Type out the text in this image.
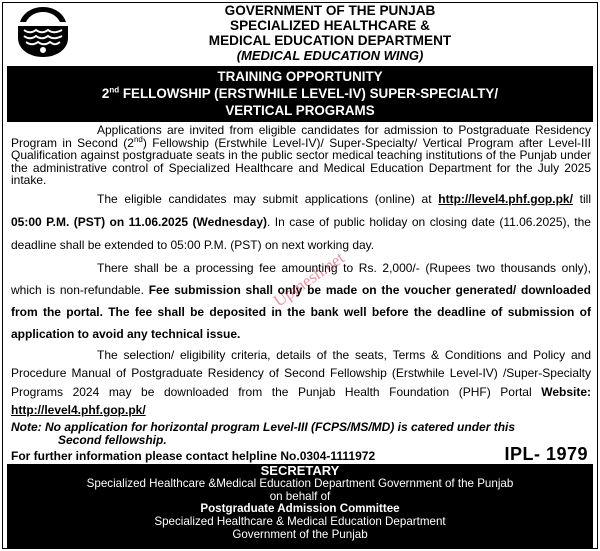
GOVERNMENT OF THE PUNJAB
SPECIALIZED HEALTHCARE &
MEDICAL EDUCATION DEPARTMENT
(MEDICAL EDUCATION WING)
TRAINING OPPORTUNITY
2nd FELLOWSHIP (ERSTWHILE LEVEL-IV) SUPER-SPECIALTY/
VERTICAL PROGRAMS

Applications are invited from eligible candidates for admission to Postgraduate Residency Program in Second (2nd) Fellowship (Erstwhile Level-IV)/ Super-Specialty/ Vertical Program after Level-III Qualification against postgraduate seats in the public sector medical teaching institutions of the Punjab under the administrative control of Specialized Healthcare and Medical Education Department for the July 2025 intake.

The eligible candidates may submit applications (online) at http://level4.phf.gop.pk/ till 05:00 P.M. (PST) on 11.06.2025 (Wednesday). In case of public holiday on closing date (11.06.2025), the deadline shall be extended to 05:00 P.M. (PST) on next working day.

There shall be a processing fee amounting to Rs. 2,000/- (Rupees two thousands only), which is non-refundable. Fee submission shall only be made on the voucher generated/ downloaded from the portal. The fee shall be deposited in the bank well before the deadline of submission of application to avoid any technical issue.

The selection/ eligibility criteria, details of the seats, Terms & Conditions and Policy and Procedure Manual of Postgraduate Residency of Second Fellowship (Erstwhile Level-IV) /Super-Specialty Programs 2024 may be downloaded from the Punjab Health Foundation (PHF) Portal Website: http://level4.phf.gop.pk/

Upmesh.net
Note: No application for horizontal program Level-III (FCPS/MS/MD) is catered under this
Second fellowship.
For further information please contact helpline No.0304-1111972	IPL- 1979
SECRETARY
Specialized Healthcare &Medical Education Department Government of the Punjab
on behalf of
Postgraduate Admission Committee
Specialized Healthcare & Medical Education Department
Government of the Punjab
